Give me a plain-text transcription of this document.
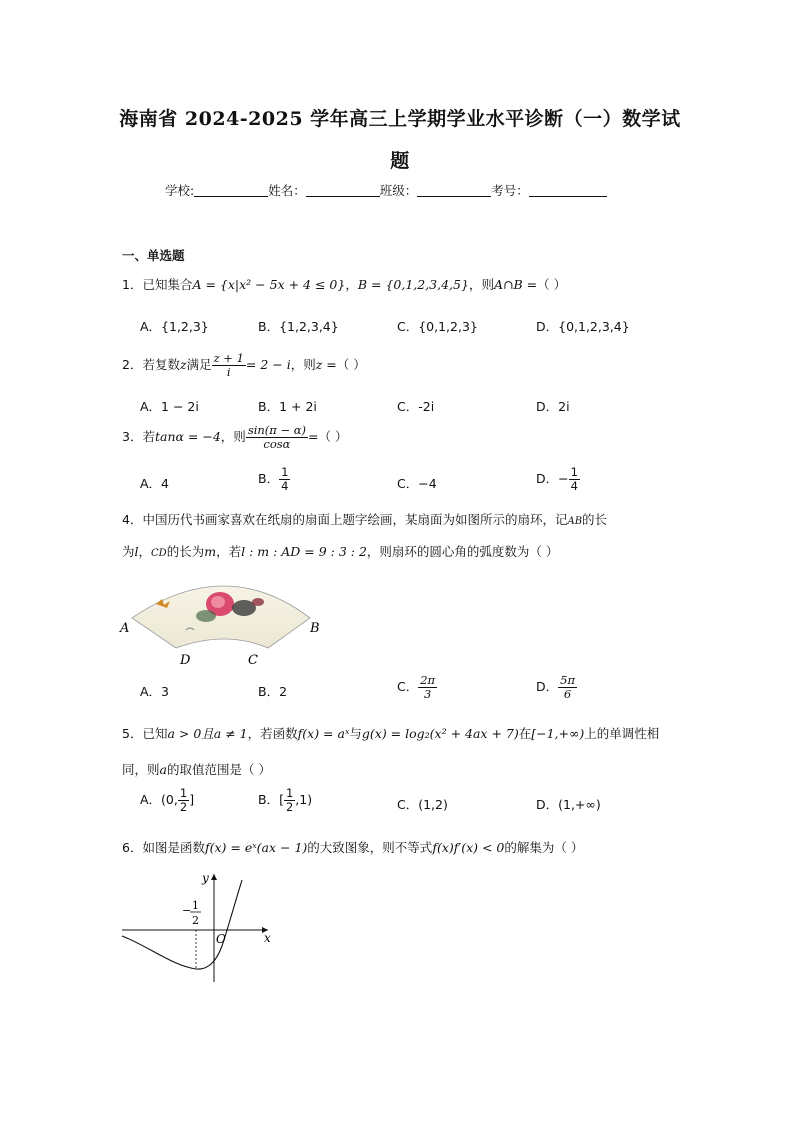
海南省 2024-2025 学年高三上学期学业水平诊断（一）数学试
题
学校:	姓名：	班级：	考号：
一、单选题
1．已知集合A = {x|x² − 5x + 4 ≤ 0}，B = {0,1,2,3,4,5}，则A∩B =（ ）
A．{1,2,3}	B．{1,2,3,4}	C．{0,1,2,3}	D．{0,1,2,3,4}
2．若复数z满足 $\frac{z + 1}{i} = 2 - i$，则z =（ ）
A．1 − 2i	B．1 + 2i	C．-2i	D．2i
3．若tanα = −4，则 $\frac{\sin(\pi - \alpha)}{\cos\alpha}$ =（ ）
A．4	B． $\frac{1}{4}$	C．−4	D．− $\frac{1}{4}$
4．中国历代书画家喜欢在纸扇的扇面上题字绘画，某扇面为如图所示的扇环，记AB的长
为l，CD的长为m，若l : m : AD = 9 : 3 : 2，则扇环的圆心角的弧度数为（ ）
A	B
D	C
A．3	B．2	C． $\frac{2\pi}{3}$	D． $\frac{5\pi}{6}$
5．已知a > 0且a ≠ 1，若函数f(x) = aˣ与g(x) = log₂(x² + 4ax + 7)在[−1,+∞)上的单调性相
同，则a的取值范围是（ ）
A．(0, $\frac{1}{2}$ ]	B．[ $\frac{1}{2} ,1$)	C．(1,2)	D．(1,+∞)
6．如图是函数f(x) = eˣ(ax − 1)的大致图象，则不等式f(x)f′(x) < 0的解集为（ ）
y
x
O
− 1
2
